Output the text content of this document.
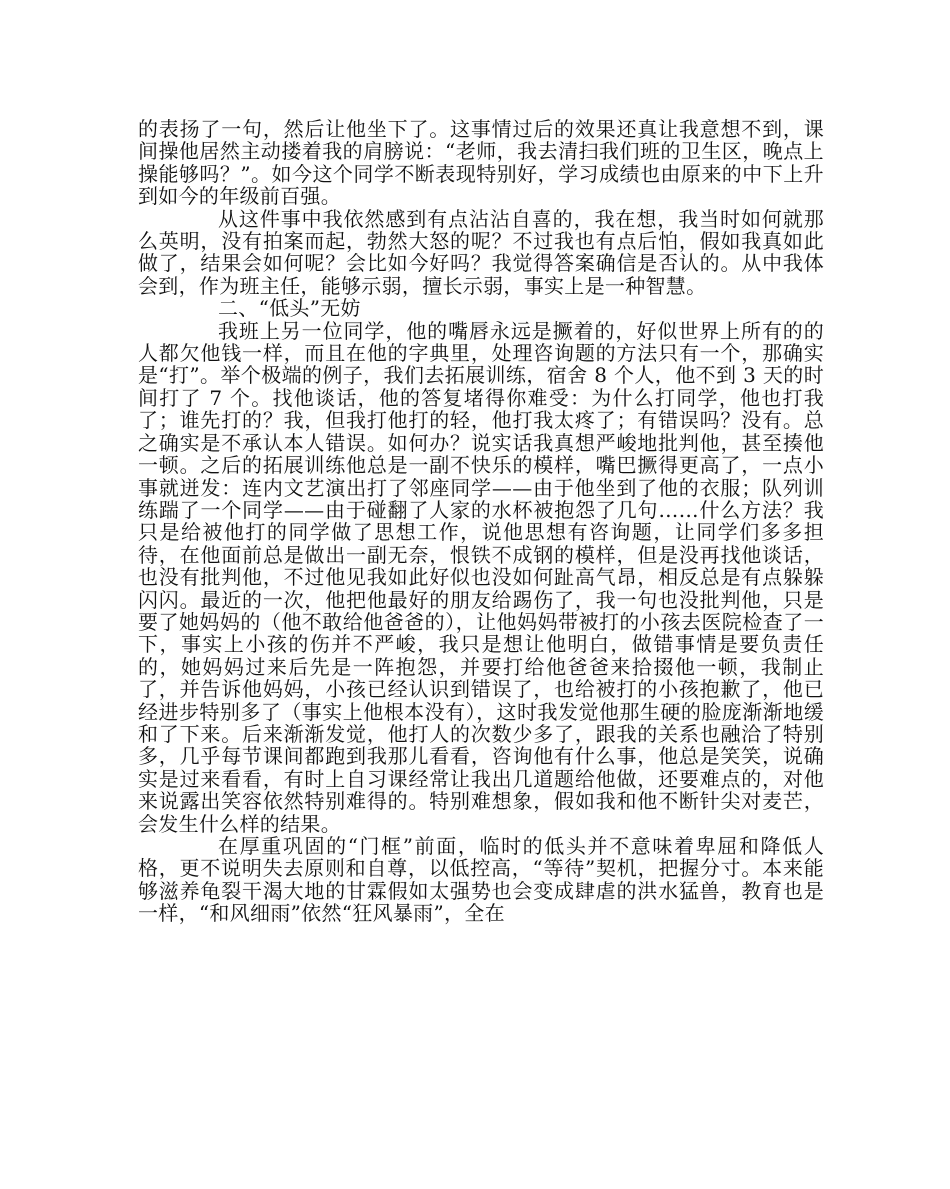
的表扬了一句，然后让他坐下了。这事情过后的效果还真让我意想不到，课间操他居然主动搂着我的肩膀说：“老师，我去清扫我们班的卫生区，晚点上操能够吗？”。如今这个同学不断表现特别好，学习成绩也由原来的中下上升到如今的年级前百强。

从这件事中我依然感到有点沾沾自喜的，我在想，我当时如何就那么英明，没有拍案而起，勃然大怒的呢？不过我也有点后怕，假如我真如此做了，结果会如何呢？会比如今好吗？我觉得答案确信是否认的。从中我体会到，作为班主任，能够示弱，擅长示弱，事实上是一种智慧。

二、“低头”无妨

我班上另一位同学，他的嘴唇永远是撅着的，好似世界上所有的的人都欠他钱一样，而且在他的字典里，处理咨询题的方法只有一个，那确实是“打”。举个极端的例子，我们去拓展训练，宿舍 8 个人，他不到 3 天的时间打了 7 个。找他谈话，他的答复堵得你难受：为什么打同学，他也打我了；谁先打的？我，但我打他打的轻，他打我太疼了；有错误吗？没有。总之确实是不承认本人错误。如何办？说实话我真想严峻地批判他，甚至揍他一顿。之后的拓展训练他总是一副不快乐的模样，嘴巴撅得更高了，一点小事就迸发：连内文艺演出打了邻座同学——由于他坐到了他的衣服；队列训练踹了一个同学——由于碰翻了人家的水杯被抱怨了几句……什么方法？我只是给被他打的同学做了思想工作，说他思想有咨询题，让同学们多多担待，在他面前总是做出一副无奈，恨铁不成钢的模样，但是没再找他谈话，也没有批判他，不过他见我如此好似也没如何趾高气昂，相反总是有点躲躲闪闪。最近的一次，他把他最好的朋友给踢伤了，我一句也没批判他，只是要了她妈妈的（他不敢给他爸爸的），让他妈妈带被打的小孩去医院检查了一下，事实上小孩的伤并不严峻，我只是想让他明白，做错事情是要负责任的，她妈妈过来后先是一阵抱怨，并要打给他爸爸来拾掇他一顿，我制止了，并告诉他妈妈，小孩已经认识到错误了，也给被打的小孩抱歉了，他已经进步特别多了（事实上他根本没有），这时我发觉他那生硬的脸庞渐渐地缓和了下来。后来渐渐发觉，他打人的次数少多了，跟我的关系也融洽了特别多，几乎每节课间都跑到我那儿看看，咨询他有什么事，他总是笑笑，说确实是过来看看，有时上自习课经常让我出几道题给他做，还要难点的，对他来说露出笑容依然特别难得的。特别难想象，假如我和他不断针尖对麦芒，会发生什么样的结果。

在厚重巩固的“门框”前面，临时的低头并不意味着卑屈和降低人格，更不说明失去原则和自尊，以低控高，“等待”契机，把握分寸。本来能够滋养龟裂干渴大地的甘霖假如太强势也会变成肆虐的洪水猛兽，教育也是一样，“和风细雨”依然“狂风暴雨”，全在
